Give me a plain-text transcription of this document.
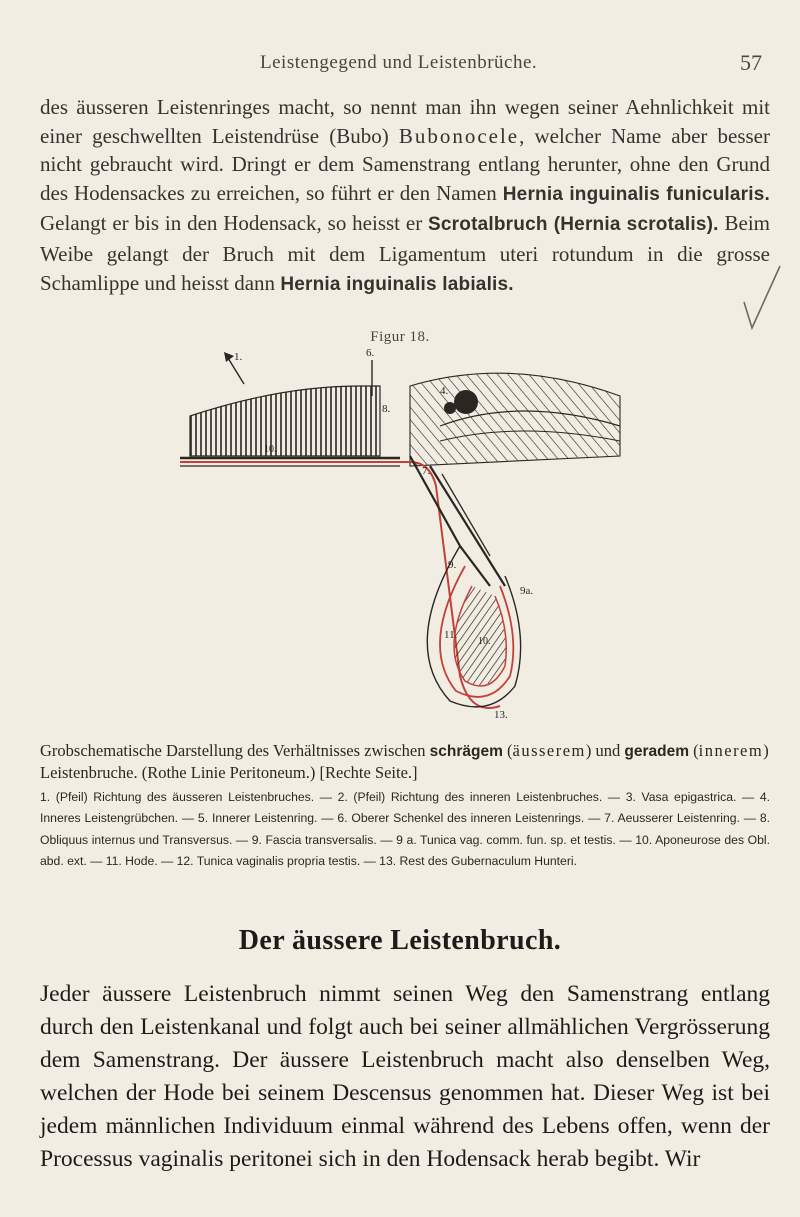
Leistengegend und Leistenbrüche.	57

des äusseren Leistenringes macht, so nennt man ihn wegen seiner Aehnlichkeit mit einer geschwellten Leistendrüse (Bubo) Bubonocele, welcher Name aber besser nicht gebraucht wird. Dringt er dem Samenstrang entlang herunter, ohne den Grund des Hodensackes zu erreichen, so führt er den Namen Hernia inguinalis funicularis. Gelangt er bis in den Hodensack, so heisst er Scrotalbruch (Hernia scrotalis). Beim Weibe gelangt der Bruch mit dem Ligamentum uteri rotundum in die grosse Schamlippe und heisst dann Hernia inguinalis labialis.

Figur 18.
1.	6.
8.
4.
7.
10.
9.
9a.
11.
10.
13.

Grobschematische Darstellung des Verhältnisses zwischen schrägem (äusserem) und geradem (innerem) Leistenbruche. (Rothe Linie Peritoneum.) [Rechte Seite.]

1. (Pfeil) Richtung des äusseren Leistenbruches. — 2. (Pfeil) Richtung des inneren Leistenbruches. — 3. Vasa epigastrica. — 4. Inneres Leistengrübchen. — 5. Innerer Leistenring. — 6. Oberer Schenkel des inneren Leistenrings. — 7. Aeusserer Leistenring. — 8. Obliquus internus und Transversus. — 9. Fascia transversalis. — 9 a. Tunica vag. comm. fun. sp. et testis. — 10. Aponeurose des Obl. abd. ext. — 11. Hode. — 12. Tunica vaginalis propria testis. — 13. Rest des Gubernaculum Hunteri.

Der äussere Leistenbruch.

Jeder äussere Leistenbruch nimmt seinen Weg den Samenstrang entlang durch den Leistenkanal und folgt auch bei seiner allmählichen Vergrösserung dem Samenstrang. Der äussere Leistenbruch macht also denselben Weg, welchen der Hode bei seinem Descensus genommen hat. Dieser Weg ist bei jedem männlichen Individuum einmal während des Lebens offen, wenn der Processus vaginalis peritonei sich in den Hodensack herab begibt. Wir
